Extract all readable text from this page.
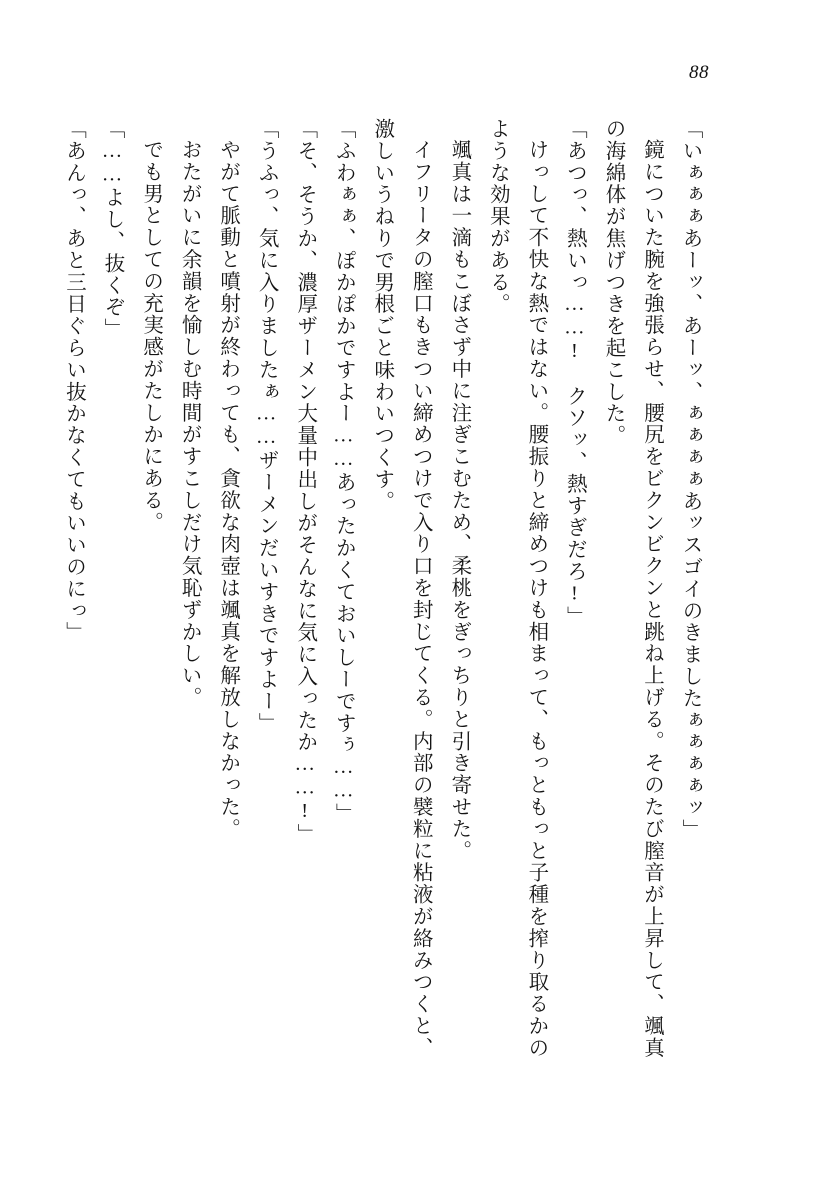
88

「いぁぁぁあーッ、あーッ、ぁぁぁぁあッスゴイのきましたぁぁぁぁッ」

鏡についた腕を強張らせ、腰尻をビクンビクンと跳ね上げる。そのたび膣音が上昇して、颯真の海綿体が焦げつきを起こした。

「あつっ、熱いっ……!　クソッ、熱すぎだろ!」

けっして不快な熱ではない。腰振りと締めつけも相まって、もっともっと子種を搾り取るかのような効果がある。

颯真は一滴もこぼさず中に注ぎこむため、柔桃をぎっちりと引き寄せた。

イフリータの膣口もきつい締めつけで入り口を封じてくる。内部の襞粒に粘液が絡みつくと、激しいうねりで男根ごと味わいつくす。

「ふわぁぁ、ぽかぽかですよー……あったかくておいしーですぅ……」

「そ、そうか、濃厚ザーメン大量中出しがそんなに気に入ったか……!」

「うふっ、気に入りましたぁ……ザーメンだいすきですよー」

やがて脈動と噴射が終わっても、貪欲な肉壺は颯真を解放しなかった。

おたがいに余韻を愉しむ時間がすこしだけ気恥ずかしい。

でも男としての充実感がたしかにある。

「……よし、抜くぞ」

「あんっ、あと三日ぐらい抜かなくてもいいのにっ」
